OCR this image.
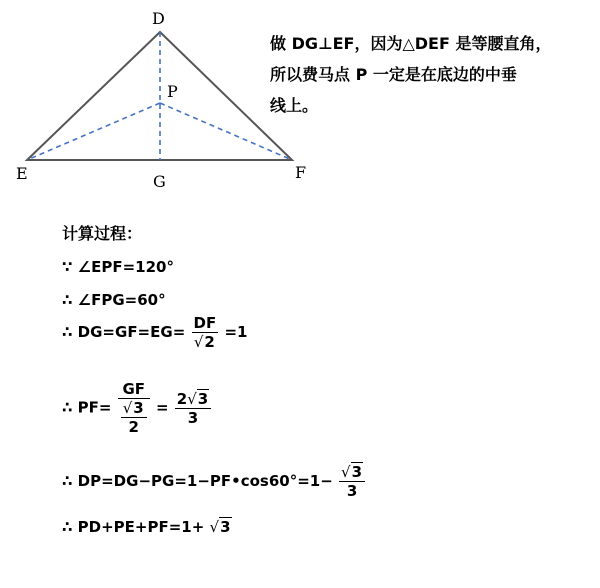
D
P
E	G	F

做 DG⊥EF，因为△DEF 是等腰直角，

所以费马点 P 一定是在底边的中垂

线上。

计算过程：
∵ ∠EPF=120°
∴ ∠FPG=60°
∴ $DG=GF=EG= \frac{DF}{√2} =1$
∴ $PF= \frac{GF}{\frac{√3}{2}} = \frac{2√3}{3}$
∴ DP=DG−PG=1−PF•cos60°=1− $\frac{√3}{3}$
∴ PD+PE+PF=1+ √3
